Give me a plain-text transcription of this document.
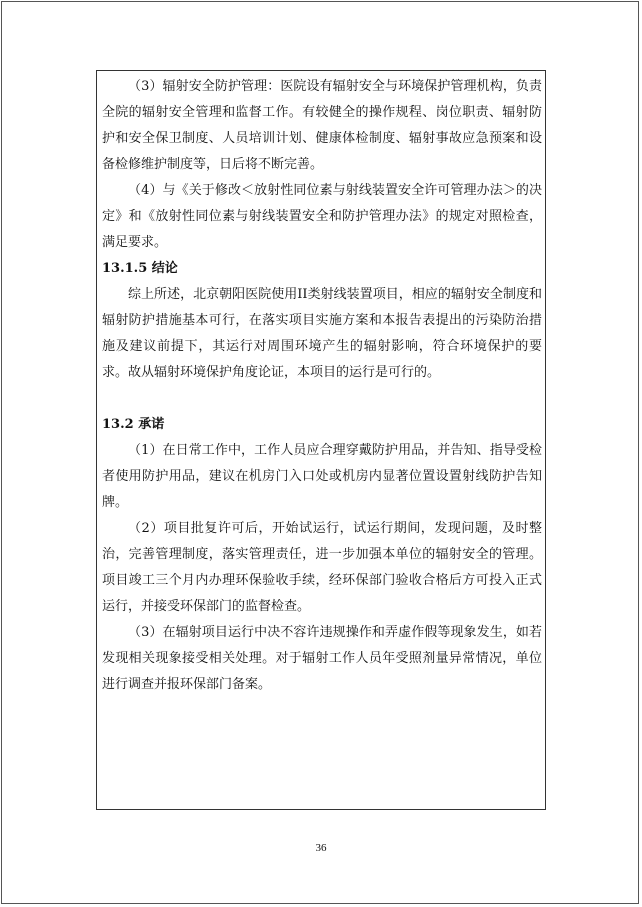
（3）辐射安全防护管理：医院设有辐射安全与环境保护管理机构，负责全院的辐射安全管理和监督工作。有较健全的操作规程、岗位职责、辐射防护和安全保卫制度、人员培训计划、健康体检制度、辐射事故应急预案和设备检修维护制度等，日后将不断完善。

（4）与《关于修改＜放射性同位素与射线装置安全许可管理办法＞的决定》和《放射性同位素与射线装置安全和防护管理办法》的规定对照检查，满足要求。

13.1.5 结论

综上所述，北京朝阳医院使用II类射线装置项目，相应的辐射安全制度和辐射防护措施基本可行，在落实项目实施方案和本报告表提出的污染防治措施及建议前提下，其运行对周围环境产生的辐射影响，符合环境保护的要求。故从辐射环境保护角度论证，本项目的运行是可行的。

13.2 承诺

（1）在日常工作中，工作人员应合理穿戴防护用品，并告知、指导受检者使用防护用品，建议在机房门入口处或机房内显著位置设置射线防护告知牌。

（2）项目批复许可后，开始试运行，试运行期间，发现问题，及时整治，完善管理制度，落实管理责任，进一步加强本单位的辐射安全的管理。项目竣工三个月内办理环保验收手续，经环保部门验收合格后方可投入正式运行，并接受环保部门的监督检查。

（3）在辐射项目运行中决不容许违规操作和弄虚作假等现象发生，如若发现相关现象接受相关处理。对于辐射工作人员年受照剂量异常情况，单位进行调查并报环保部门备案。

36
